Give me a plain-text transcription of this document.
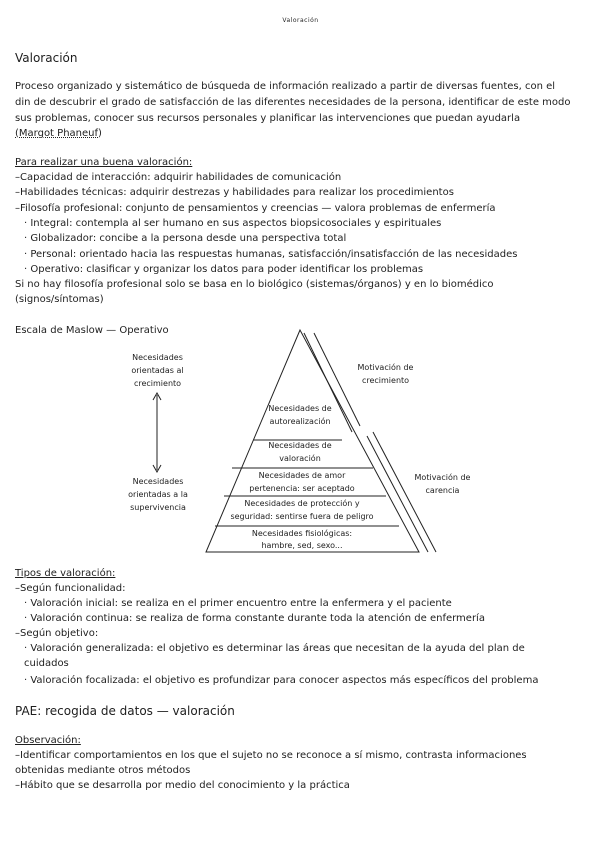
Valoración
Valoración
Proceso organizado y sistemático de búsqueda de información realizado a partir de diversas fuentes, con el
din de descubrir el grado de satisfacción de las diferentes necesidades de la persona, identificar de este modo
sus problemas, conocer sus recursos personales y planificar las intervenciones que puedan ayudarla
(Margot Phaneuf)
Para realizar una buena valoración:
–Capacidad de interacción: adquirir habilidades de comunicación
–Habilidades técnicas: adquirir destrezas y habilidades para realizar los procedimientos
–Filosofía profesional: conjunto de pensamientos y creencias — valora problemas de enfermería
· Integral: contempla al ser humano en sus aspectos biopsicosociales y espirituales
· Globalizador: concibe a la persona desde una perspectiva total
· Personal: orientado hacia las respuestas humanas, satisfacción/insatisfacción de las necesidades
· Operativo: clasificar y organizar los datos para poder identificar los problemas
Si no hay filosofía profesional solo se basa en lo biológico (sistemas/órganos) y en lo biomédico
(signos/síntomas)
Escala de Maslow — Operativo
Necesidades
orientadas al
crecimiento
Necesidades
orientadas a la
supervivencia
Necesidades de
autorealización
Necesidades de
valoración
Necesidades de amor
pertenencia: ser aceptado
Necesidades de protección y
seguridad: sentirse fuera de peligro
Necesidades fisiológicas:
hambre, sed, sexo...
Motivación de
crecimiento
Motivación de
carencia
Tipos de valoración:
–Según funcionalidad:
· Valoración inicial: se realiza en el primer encuentro entre la enfermera y el paciente
· Valoración continua: se realiza de forma constante durante toda la atención de enfermería
–Según objetivo:
· Valoración generalizada: el objetivo es determinar las áreas que necesitan de la ayuda del plan de
cuidados
· Valoración focalizada: el objetivo es profundizar para conocer aspectos más específicos del problema
PAE: recogida de datos — valoración
Observación:
–Identificar comportamientos en los que el sujeto no se reconoce a sí mismo, contrasta informaciones
obtenidas mediante otros métodos
–Hábito que se desarrolla por medio del conocimiento y la práctica
